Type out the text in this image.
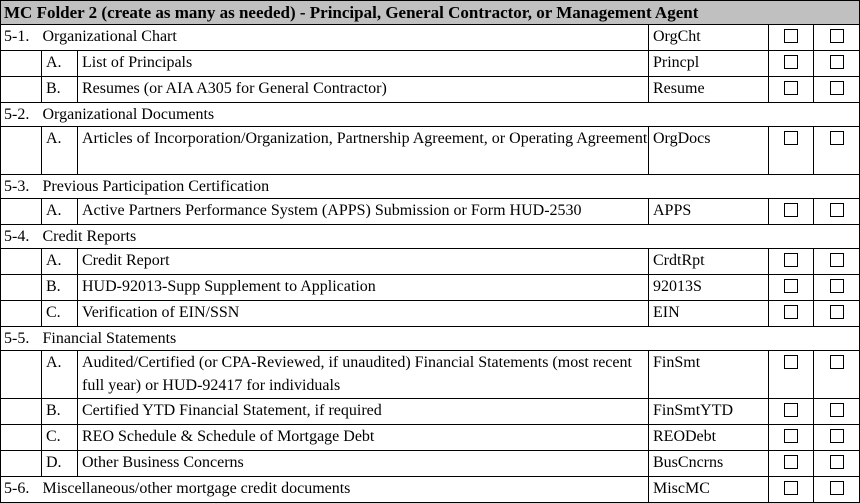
MC Folder 2 (create as many as needed) - Principal, General Contractor, or Management Agent					
5-1.	Organizational Chart		OrgCht		
	A.	List of Principals	Princpl		
	B.	Resumes (or AIA A305 for General Contractor)	Resume		
5-2.	Organizational Documents				
	A.	Articles of Incorporation/Organization, Partnership Agreement, or Operating Agreement	OrgDocs		
5-3.	Previous Participation Certification				
	A.	Active Partners Performance System (APPS) Submission or Form HUD-2530	APPS		
5-4.	Credit Reports				
	A.	Credit Report	CrdtRpt		
	B.	HUD-92013-Supp Supplement to Application	92013S		
	C.	Verification of EIN/SSN	EIN		
5-5.	Financial Statements				
	A.	Audited/Certified (or CPA-Reviewed, if unaudited) Financial Statements (most recent full year) or HUD-92417 for individuals	FinSmt		
	B.	Certified YTD Financial Statement, if required	FinSmtYTD		
	C.	REO Schedule & Schedule of Mortgage Debt	REODebt		
	D.	Other Business Concerns	BusCncrns		
5-6.	Miscellaneous/other mortgage credit documents		MiscMC		
